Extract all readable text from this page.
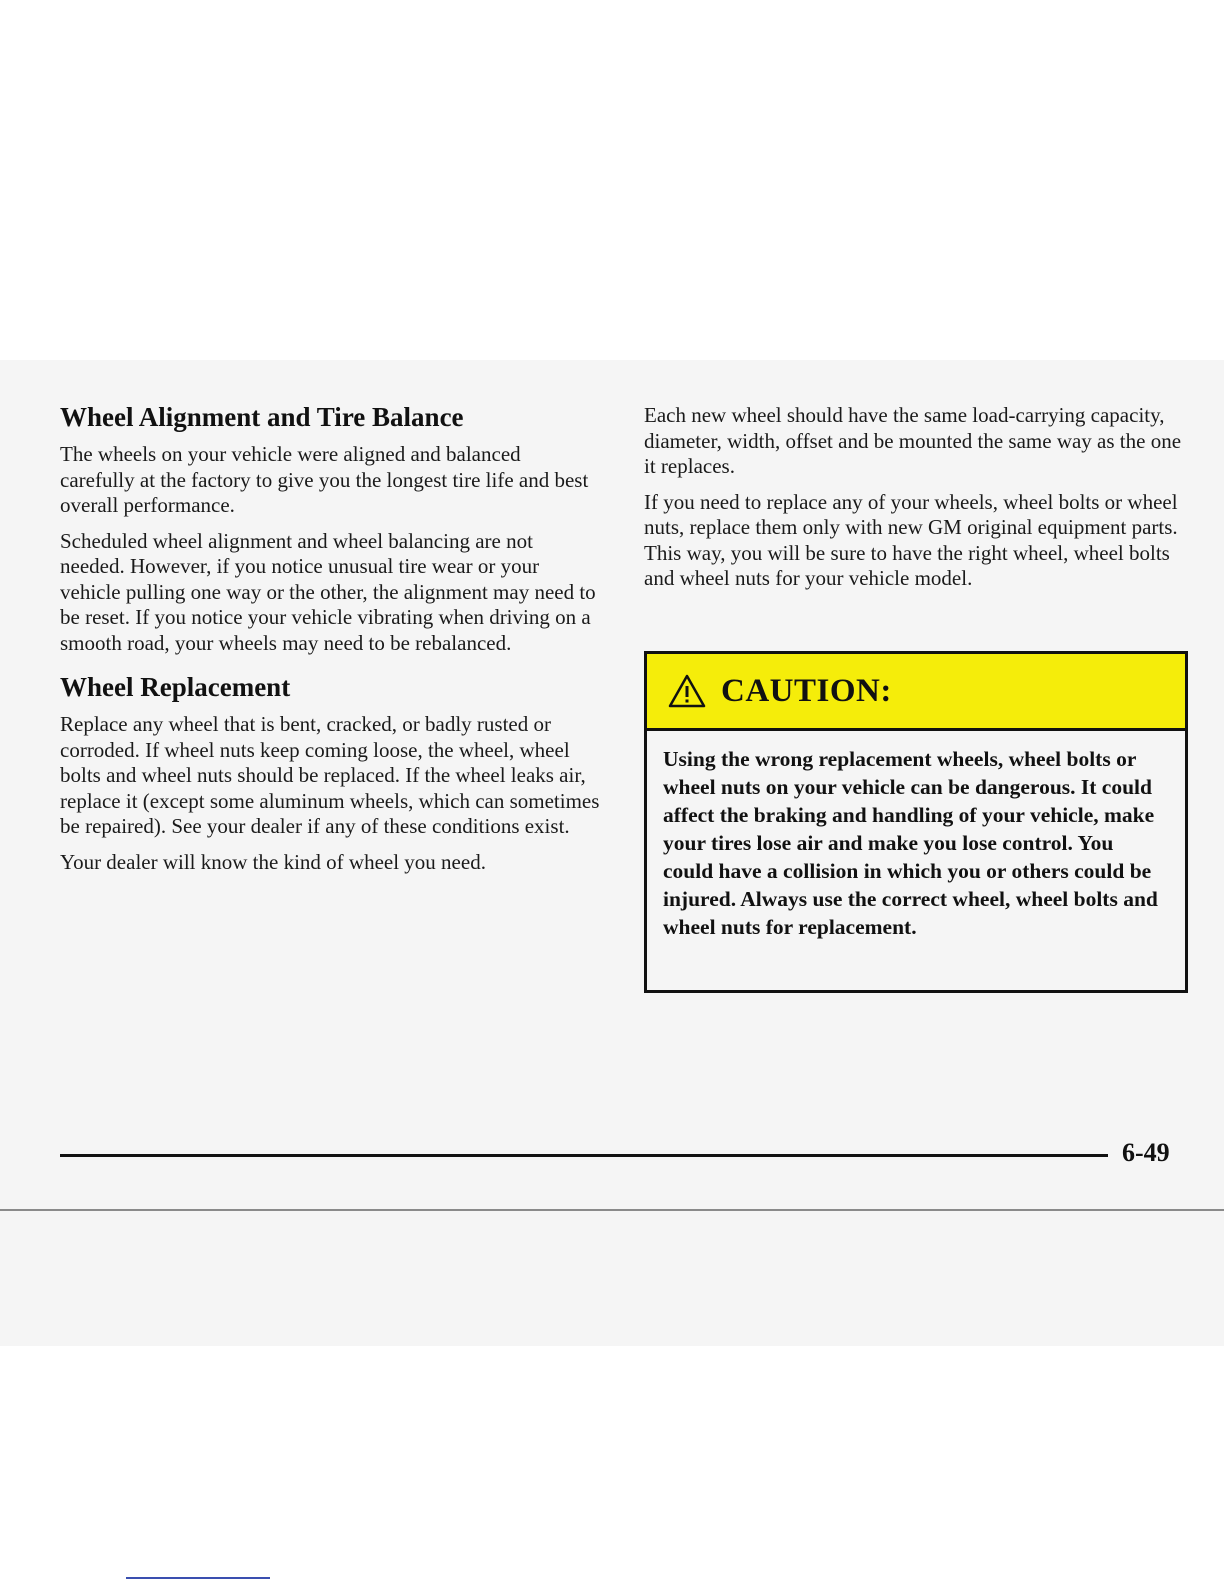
Wheel Alignment and Tire Balance

The wheels on your vehicle were aligned and balanced carefully at the factory to give you the longest tire life and best overall performance.

Scheduled wheel alignment and wheel balancing are not needed. However, if you notice unusual tire wear or your vehicle pulling one way or the other, the alignment may need to be reset. If you notice your vehicle vibrating when driving on a smooth road, your wheels may need to be rebalanced.

Wheel Replacement

Replace any wheel that is bent, cracked, or badly rusted or corroded. If wheel nuts keep coming loose, the wheel, wheel bolts and wheel nuts should be replaced. If the wheel leaks air, replace it (except some aluminum wheels, which can sometimes be repaired). See your dealer if any of these conditions exist.

Your dealer will know the kind of wheel you need.

Each new wheel should have the same load-carrying capacity, diameter, width, offset and be mounted the same way as the one it replaces.

If you need to replace any of your wheels, wheel bolts or wheel nuts, replace them only with new GM original equipment parts. This way, you will be sure to have the right wheel, wheel bolts and wheel nuts for your vehicle model.

CAUTION:
Using the wrong replacement wheels, wheel bolts or wheel nuts on your vehicle can be dangerous. It could affect the braking and handling of your vehicle, make your tires lose air and make you lose control. You could have a collision in which you or others could be injured. Always use the correct wheel, wheel bolts and wheel nuts for replacement.
6-49
